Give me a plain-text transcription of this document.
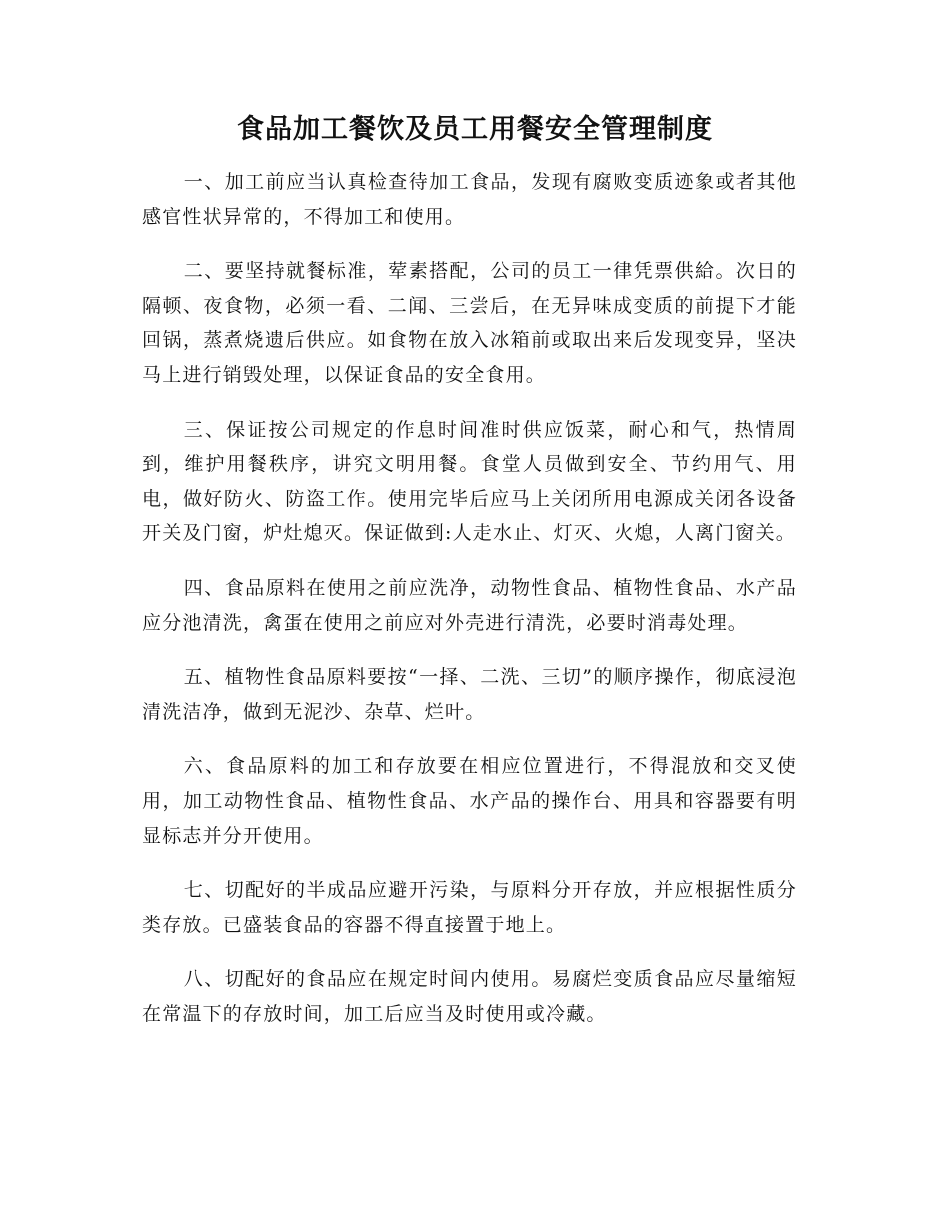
食品加工餐饮及员工用餐安全管理制度

一、加工前应当认真检查待加工食品，发现有腐败变质迹象或者其他感官性状异常的，不得加工和使用。

二、要坚持就餐标准，荤素搭配，公司的员工一律凭票供給。次日的隔顿、夜食物，必须一看、二闻、三尝后，在无异味成变质的前提下才能回锅，蒸煮烧遗后供应。如食物在放入冰箱前或取出来后发现变异，坚决马上进行销毁处理，以保证食品的安全食用。

三、保证按公司规定的作息时间准时供应饭菜，耐心和气，热情周到，维护用餐秩序，讲究文明用餐。食堂人员做到安全、节约用气、用电，做好防火、防盗工作。使用完毕后应马上关闭所用电源成关闭各设备开关及门窗，炉灶熄灭。保证做到:人走水止、灯灭、火熄，人离门窗关。

四、食品原料在使用之前应洗净，动物性食品、植物性食品、水产品应分池清洗，禽蛋在使用之前应对外壳进行清洗，必要时消毒处理。

五、植物性食品原料要按“一择、二洗、三切”的顺序操作，彻底浸泡清洗洁净，做到无泥沙、杂草、烂叶。

六、食品原料的加工和存放要在相应位置进行，不得混放和交叉使用，加工动物性食品、植物性食品、水产品的操作台、用具和容器要有明显标志并分开使用。

七、切配好的半成品应避开污染，与原料分开存放，并应根据性质分类存放。已盛装食品的容器不得直接置于地上。

八、切配好的食品应在规定时间内使用。易腐烂变质食品应尽量缩短在常温下的存放时间，加工后应当及时使用或冷藏。
